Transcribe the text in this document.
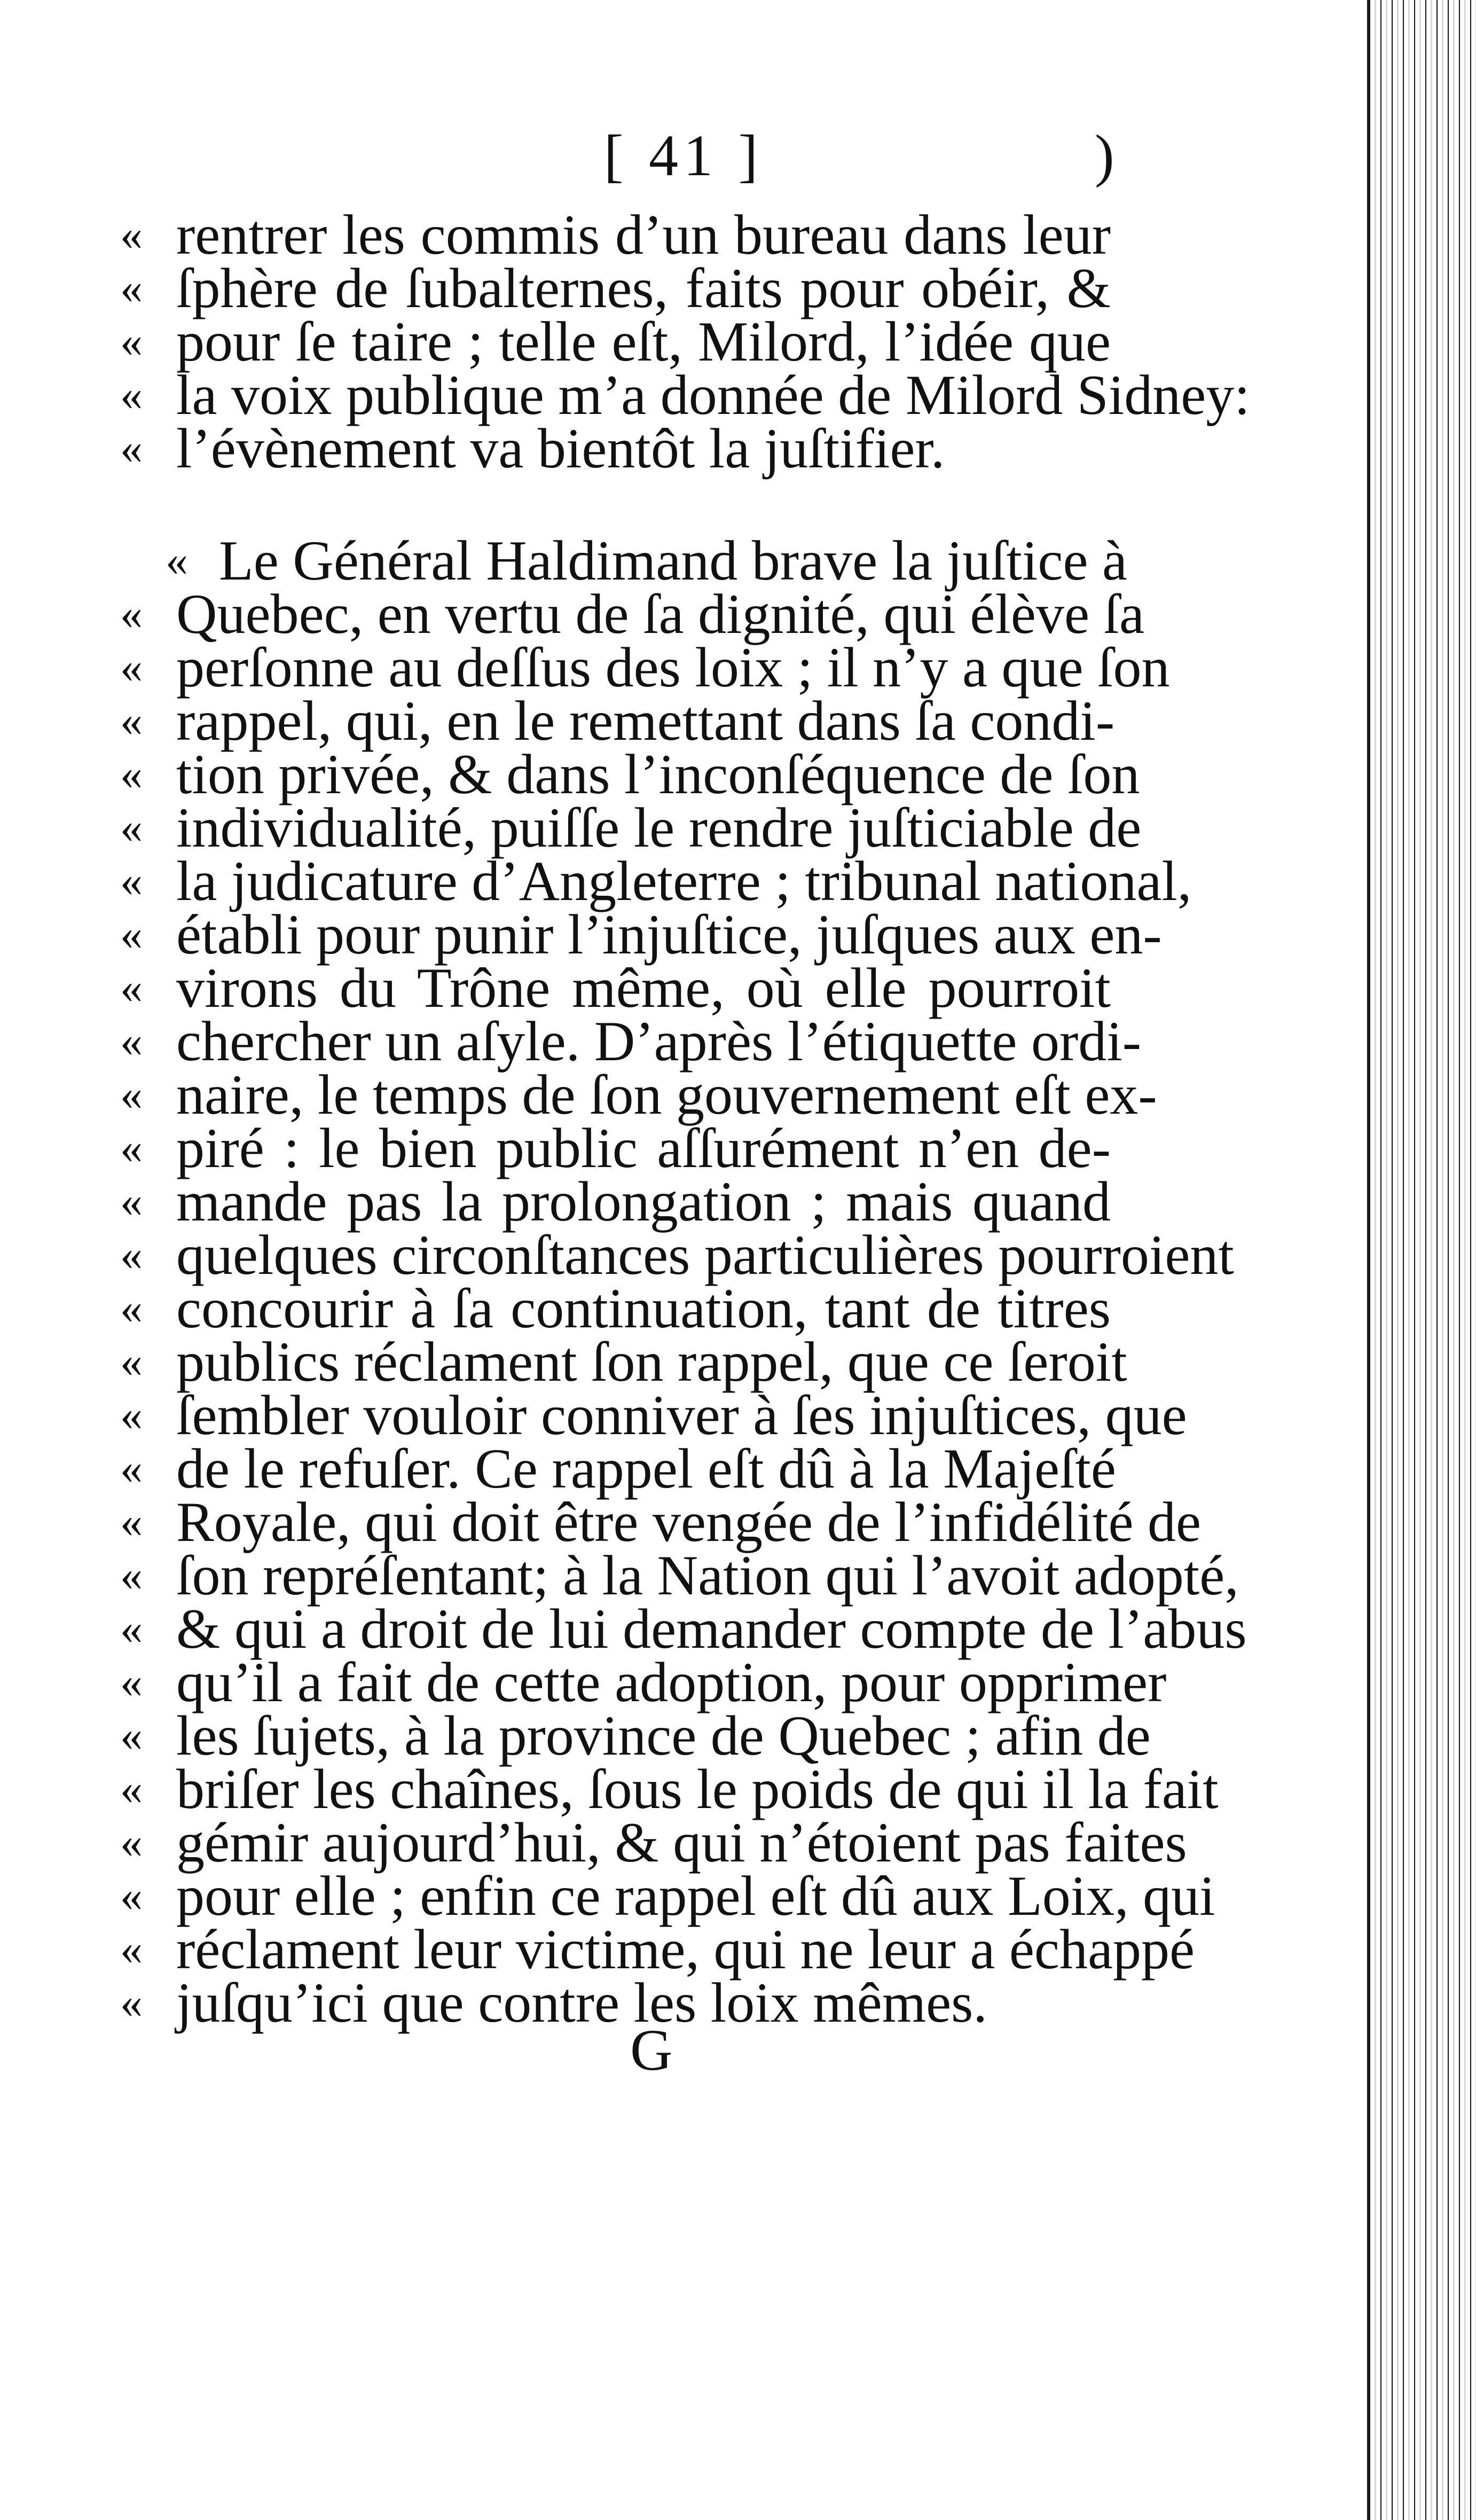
[ 41 ]	)
« rentrer les commis d’un bureau dans leur
« ſphère de ſubalternes, faits pour obéir, &
« pour ſe taire ; telle eſt, Milord, l’idée que
« la voix publique m’a donnée de Milord Sidney:
« l’évènement va bientôt la juſtifier.
« Le Général Haldimand brave la juſtice à
« Quebec, en vertu de ſa dignité, qui élève ſa
« perſonne au deſſus des loix ; il n’y a que ſon
« rappel, qui, en le remettant dans ſa condi-
« tion privée, & dans l’inconſéquence de ſon
« individualité, puiſſe le rendre juſticiable de
« la judicature d’Angleterre ; tribunal national,
« établi pour punir l’injuſtice, juſques aux en-
« virons du Trône même, où elle pourroit
« chercher un aſyle. D’après l’étiquette ordi-
« naire, le temps de ſon gouvernement eſt ex-
« piré : le bien public aſſurément n’en de-
« mande pas la prolongation ; mais quand
« quelques circonſtances particulières pourroient
« concourir à ſa continuation, tant de titres
« publics réclament ſon rappel, que ce ſeroit
« ſembler vouloir conniver à ſes injuſtices, que
« de le refuſer. Ce rappel eſt dû à la Majeſté
« Royale, qui doit être vengée de l’infidélité de
« ſon repréſentant; à la Nation qui l’avoit adopté,
« & qui a droit de lui demander compte de l’abus
« qu’il a fait de cette adoption, pour opprimer
« les ſujets, à la province de Quebec ; afin de
« briſer les chaînes, ſous le poids de qui il la fait
« gémir aujourd’hui, & qui n’étoient pas faites
« pour elle ; enfin ce rappel eſt dû aux Loix, qui
« réclament leur victime, qui ne leur a échappé
« juſqu’ici que contre les loix mêmes.
G
